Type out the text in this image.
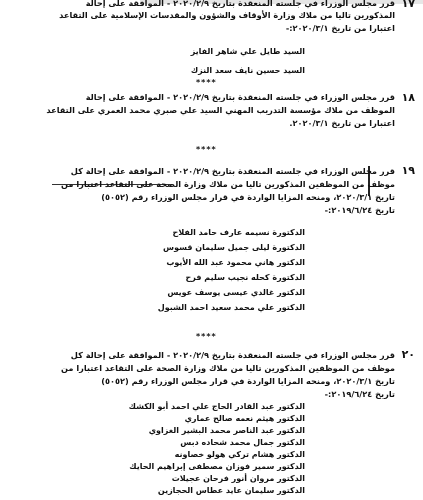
١٧
قرر مجلس الوزراء في جلسته المنعقدة بتاريخ ٢٠٢٠/٢/٩ - الموافقة على إحالة
المذكورين تاليا من ملاك وزارة الأوقاف والشؤون والمقدسات الإسلامية على التقاعد
اعتبارا من تاريخ ٢٠٢٠/٣/١:-
السيد طايل علي شاهر الفايز
السيد حسين نايف سعد النزك
****
١٨
قرر مجلس الوزراء في جلسته المنعقدة بتاريخ ٢٠٢٠/٢/٩ - الموافقة على إحالة
الموظف من ملاك مؤسسة التدريب المهني السيد علي صبري محمد العمري على التقاعد
اعتبارا من تاريخ ٢٠٢٠/٣/١.
****
١٩
قرر مجلس الوزراء في جلسته المنعقدة بتاريخ ٢٠٢٠/٢/٩ - الموافقة على إحالة كل
موظف من الموظفين المذكورين تاليا من ملاك وزارة الصحة على التقاعد اعتبارا من
تاريخ ٢٠٢٠/٣/١، ومنحه المزايا الواردة في قرار مجلس الوزراء رقم (٥٠٥٢)
تاريخ ٢٠١٩/٦/٢٤:-
الدكتورة نسيمه عارف حامد الفلاح
الدكتورة ليلى جميل سليمان قسوس
الدكتور هاني محمود عبد الله الأيوب
الدكتورة كحله نجيب سليم فرح
الدكتور غالدي عيسى يوسف عويس
الدكتور علي محمد سعيد احمد الشبول
****
٢٠
قرر مجلس الوزراء في جلسته المنعقدة بتاريخ ٢٠٢٠/٢/٩ - الموافقة على إحالة كل
موظف من الموظفين المذكورين تاليا من ملاك وزارة الصحة على التقاعد اعتبارا من
تاريخ ٢٠٢٠/٣/١، ومنحه المزايا الواردة في قرار مجلس الوزراء رقم (٥٠٥٢)
تاريخ ٢٠١٩/٦/٢٤:-
الدكتور عبد القادر الحاج علي احمد أبو الكشك
الدكتور هيثم نعمه صالح عماري
الدكتور عبد الناصر محمد البشير الغزاوي
الدكتور جمال محمد شحاده دبس
الدكتور هشام تركي هولو خصاونه
الدكتور سمير فوزان مصطفى إبراهيم الحايك
الدكتور مروان أنور فرحان عجيلات
الدكتور سليمان عايد عطاس الحجازين
